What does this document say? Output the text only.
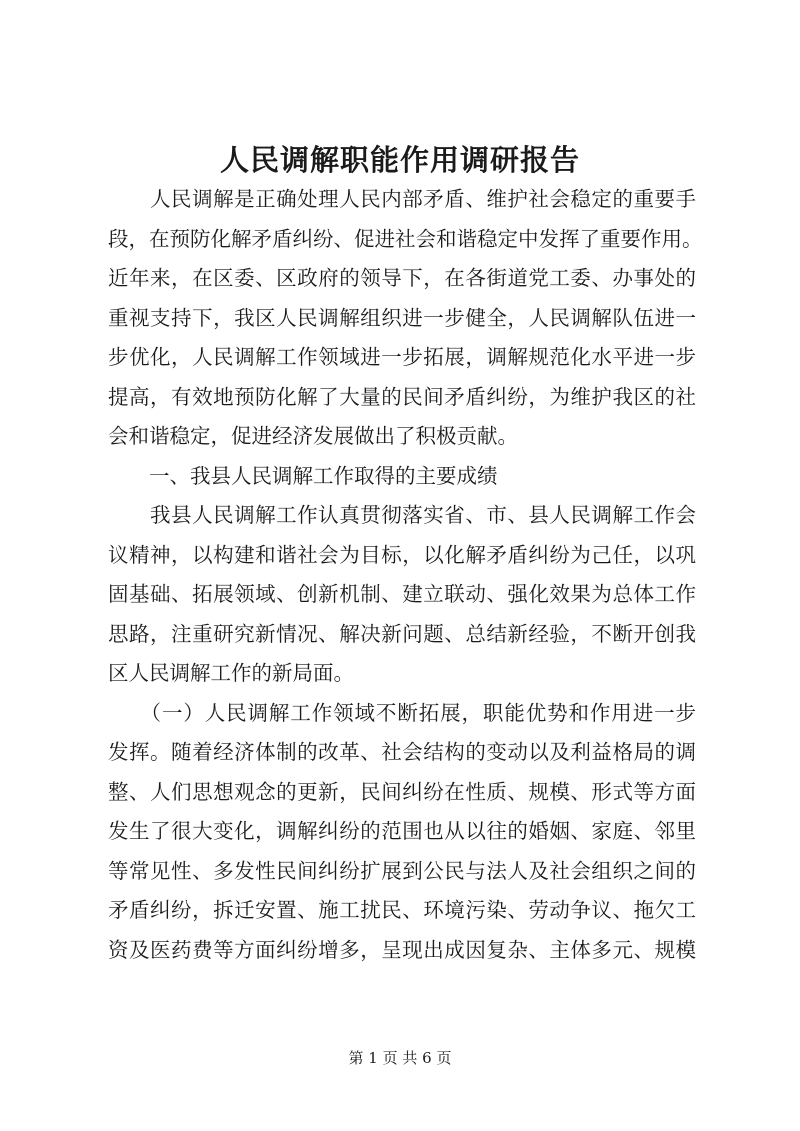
人民调解职能作用调研报告
　　人民调解是正确处理人民内部矛盾、维护社会稳定的重要手
段，在预防化解矛盾纠纷、促进社会和谐稳定中发挥了重要作用。
近年来，在区委、区政府的领导下，在各街道党工委、办事处的
重视支持下，我区人民调解组织进一步健全，人民调解队伍进一
步优化，人民调解工作领域进一步拓展，调解规范化水平进一步
提高，有效地预防化解了大量的民间矛盾纠纷，为维护我区的社
会和谐稳定，促进经济发展做出了积极贡献。
　　一、我县人民调解工作取得的主要成绩
　　我县人民调解工作认真贯彻落实省、市、县人民调解工作会
议精神，以构建和谐社会为目标，以化解矛盾纠纷为己任，以巩
固基础、拓展领域、创新机制、建立联动、强化效果为总体工作
思路，注重研究新情况、解决新问题、总结新经验，不断开创我
区人民调解工作的新局面。
　　（一）人民调解工作领域不断拓展，职能优势和作用进一步
发挥。随着经济体制的改革、社会结构的变动以及利益格局的调
整、人们思想观念的更新，民间纠纷在性质、规模、形式等方面
发生了很大变化，调解纠纷的范围也从以往的婚姻、家庭、邻里
等常见性、多发性民间纠纷扩展到公民与法人及社会组织之间的
矛盾纠纷，拆迁安置、施工扰民、环境污染、劳动争议、拖欠工
资及医药费等方面纠纷增多，呈现出成因复杂、主体多元、规模
第 1 页 共 6 页
